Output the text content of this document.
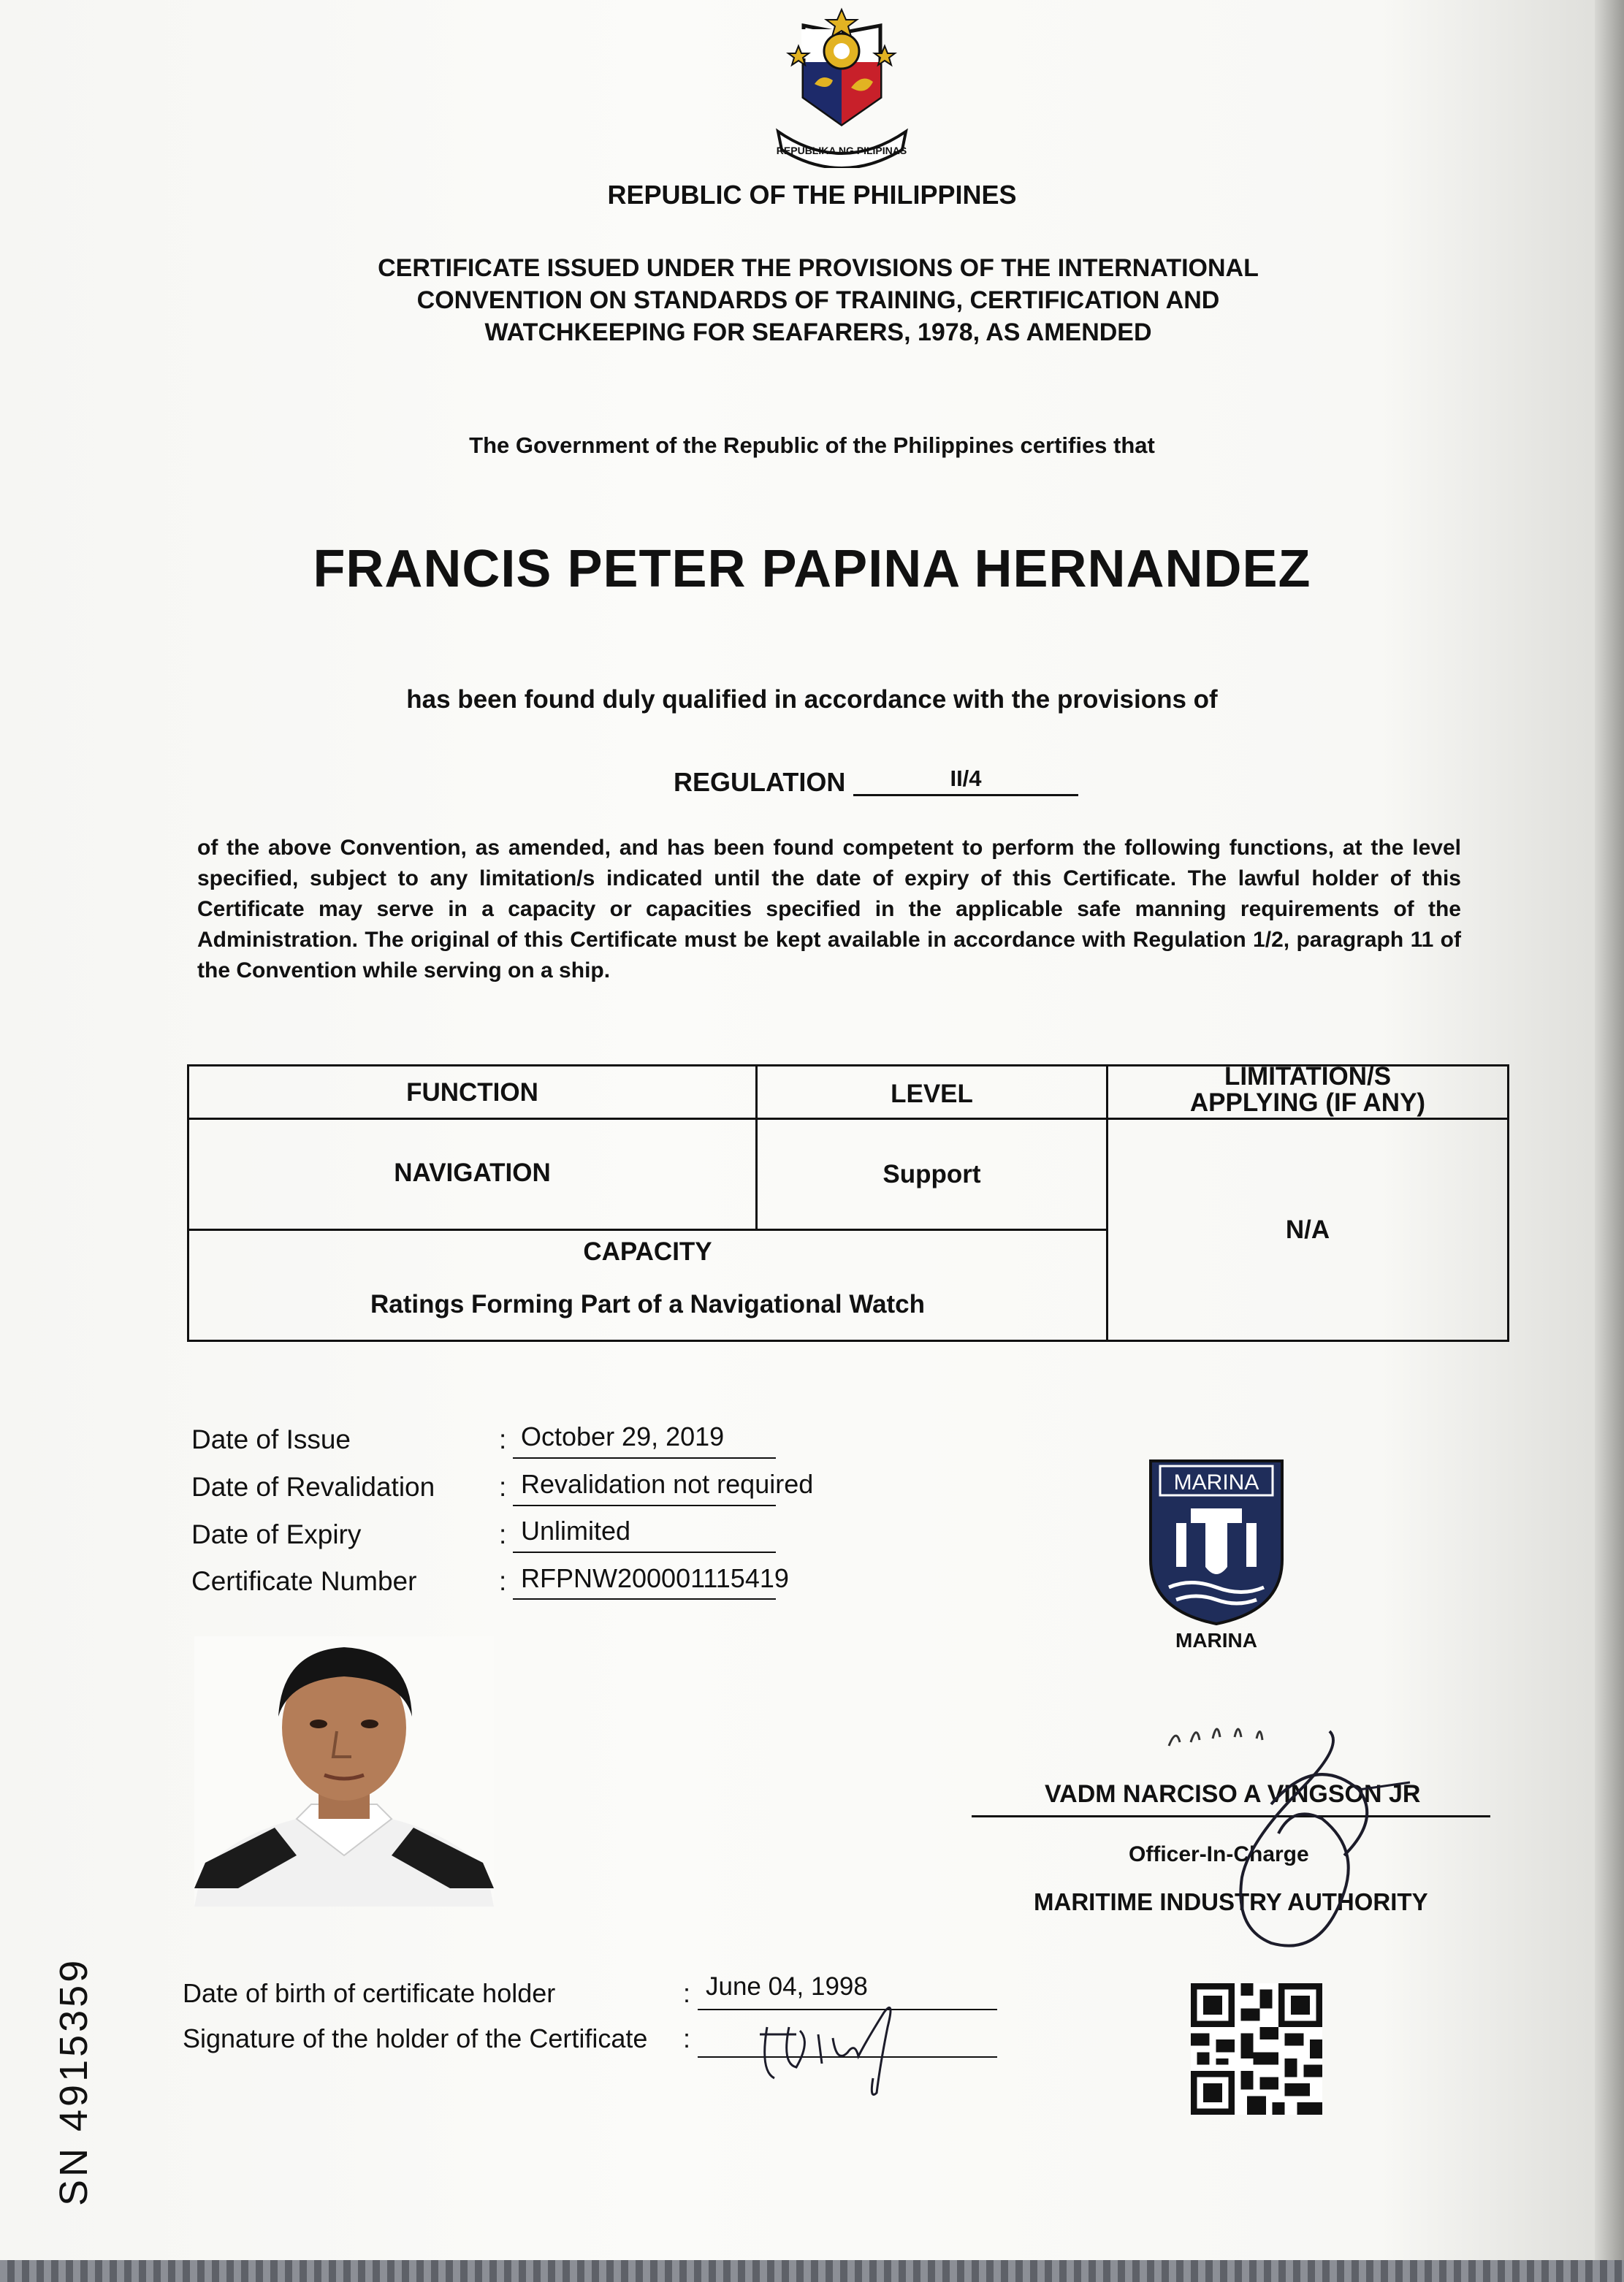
REPUBLIKA NG PILIPINAS
REPUBLIC OF THE PHILIPPINES
CERTIFICATE ISSUED UNDER THE PROVISIONS OF THE INTERNATIONAL
CONVENTION ON STANDARDS OF TRAINING, CERTIFICATION AND
WATCHKEEPING FOR SEAFARERS, 1978, AS AMENDED
The Government of the Republic of the Philippines certifies that
FRANCIS PETER PAPINA HERNANDEZ
has been found duly qualified in accordance with the provisions of
REGULATION	II/4
of the above Convention, as amended, and has been found competent to perform the following functions, at the level specified, subject to any limitation/s indicated until the date of expiry of this Certificate. The lawful holder of this Certificate may serve in a capacity or capacities specified in the applicable safe manning requirements of the Administration. The original of this Certificate must be kept available in accordance with Regulation 1/2, paragraph 11 of the Convention while serving on a ship.
FUNCTION	LEVEL
LIMITATION/S
APPLYING (IF ANY)
NAVIGATION	Support
N/A
CAPACITY
Ratings Forming Part of a Navigational Watch
Date of Issue	: October 29, 2019
Date of Revalidation : Revalidation not required
Date of Expiry	: Unlimited
Certificate Number	: RFPNW200001115419
MARINA
MARINA
VADM NARCISO A VINGSON JR
Officer-In-Charge
MARITIME INDUSTRY AUTHORITY
Date of birth of certificate holder	: June 04, 1998
Signature of the holder of the Certificate :
SN 4915359
